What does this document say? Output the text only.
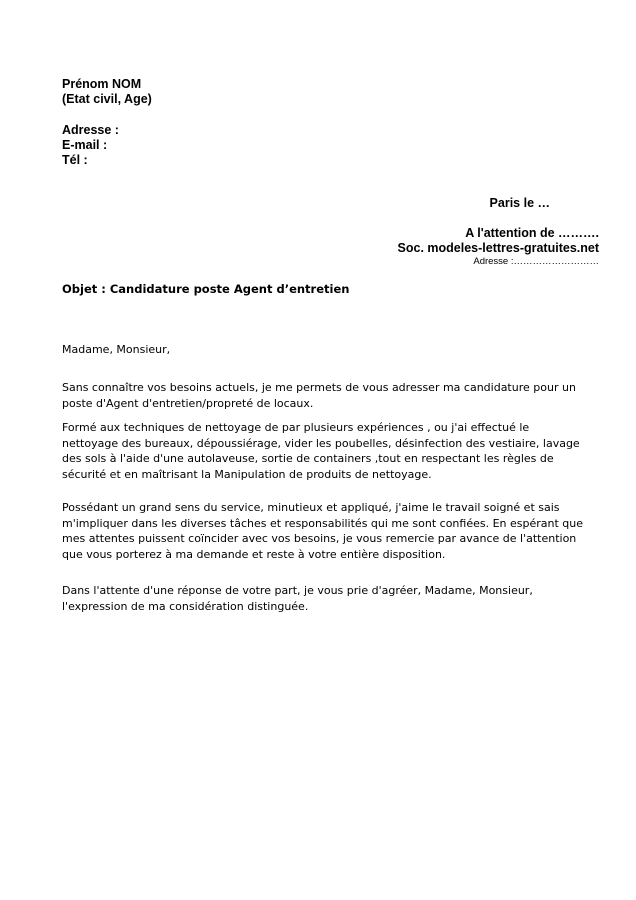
Prénom NOM
(Etat civil, Age)
Adresse :
E-mail :
Tél :
Paris le …
A l'attention de ……….
Soc. modeles-lettres-gratuites.net
Adresse :………………………
Objet : Candidature poste Agent d’entretien

Madame, Monsieur,

Sans connaître vos besoins actuels, je me permets de vous adresser ma candidature pour un
poste d'Agent d'entretien/propreté de locaux.

Formé aux techniques de nettoyage de par plusieurs expériences , ou j'ai effectué le
nettoyage des bureaux, dépoussiérage, vider les poubelles, désinfection des vestiaire, lavage
des sols à l'aide d'une autolaveuse, sortie de containers ,tout en respectant les règles de
sécurité et en maîtrisant la Manipulation de produits de nettoyage.

Possédant un grand sens du service, minutieux et appliqué, j'aime le travail soigné et sais
m'impliquer dans les diverses tâches et responsabilités qui me sont confiées. En espérant que
mes attentes puissent coïncider avec vos besoins, je vous remercie par avance de l'attention
que vous porterez à ma demande et reste à votre entière disposition.

Dans l'attente d'une réponse de votre part, je vous prie d'agréer, Madame, Monsieur,
l'expression de ma considération distinguée.
